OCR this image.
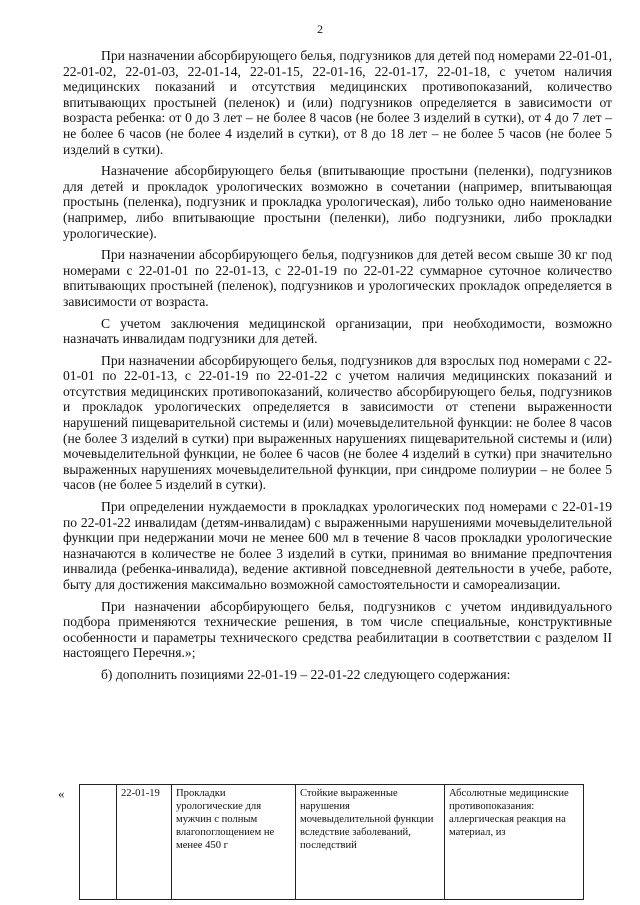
2

При назначении абсорбирующего белья, подгузников для детей под номерами 22-01-01, 22-01-02, 22-01-03, 22-01-14, 22-01-15, 22-01-16, 22-01-17, 22-01-18, с учетом наличия медицинских показаний и отсутствия медицинских противопоказаний, количество впитывающих простыней (пеленок) и (или) подгузников определяется в зависимости от возраста ребенка: от 0 до 3 лет – не более 8 часов (не более 3 изделий в сутки), от 4 до 7 лет – не более 6 часов (не более 4 изделий в сутки), от 8 до 18 лет – не более 5 часов (не более 5 изделий в сутки).

Назначение абсорбирующего белья (впитывающие простыни (пеленки), подгузников для детей и прокладок урологических возможно в сочетании (например, впитывающая простынь (пеленка), подгузник и прокладка урологическая), либо только одно наименование (например, либо впитывающие простыни (пеленки), либо подгузники, либо прокладки урологические).

При назначении абсорбирующего белья, подгузников для детей весом свыше 30 кг под номерами с 22-01-01 по 22-01-13, с 22-01-19 по 22-01-22 суммарное суточное количество впитывающих простыней (пеленок), подгузников и урологических прокладок определяется в зависимости от возраста.

С учетом заключения медицинской организации, при необходимости, возможно назначать инвалидам подгузники для детей.

При назначении абсорбирующего белья, подгузников для взрослых под номерами с 22-01-01 по 22-01-13, с 22-01-19 по 22-01-22 с учетом наличия медицинских показаний и отсутствия медицинских противопоказаний, количество абсорбирующего белья, подгузников и прокладок урологических определяется в зависимости от степени выраженности нарушений пищеварительной системы и (или) мочевыделительной функции: не более 8 часов (не более 3 изделий в сутки) при выраженных нарушениях пищеварительной системы и (или) мочевыделительной функции, не более 6 часов (не более 4 изделий в сутки) при значительно выраженных нарушениях мочевыделительной функции, при синдроме полиурии – не более 5 часов (не более 5 изделий в сутки).

При определении нуждаемости в прокладках урологических под номерами с 22-01-19 по 22-01-22 инвалидам (детям-инвалидам) с выраженными нарушениями мочевыделительной функции при недержании мочи не менее 600 мл в течение 8 часов прокладки урологические назначаются в количестве не более 3 изделий в сутки, принимая во внимание предпочтения инвалида (ребенка-инвалида), ведение активной повседневной деятельности в учебе, работе, быту для достижения максимально возможной самостоятельности и самореализации.

При назначении абсорбирующего белья, подгузников с учетом индивидуального подбора применяются технические решения, в том числе специальные, конструктивные особенности и параметры технического средства реабилитации в соответствии с разделом II настоящего Перечня.»;

б) дополнить позициями 22-01-19 – 22-01-22 следующего содержания:
«
		22-01-19	Прокладки урологические для мужчин с полным влагопоглощением не менее 450 г	Стойкие выраженные нарушения мочевыделительной функции вследствие заболеваний, последствий	Абсолютные медицинские противопоказания: аллергическая реакция на материал, из
